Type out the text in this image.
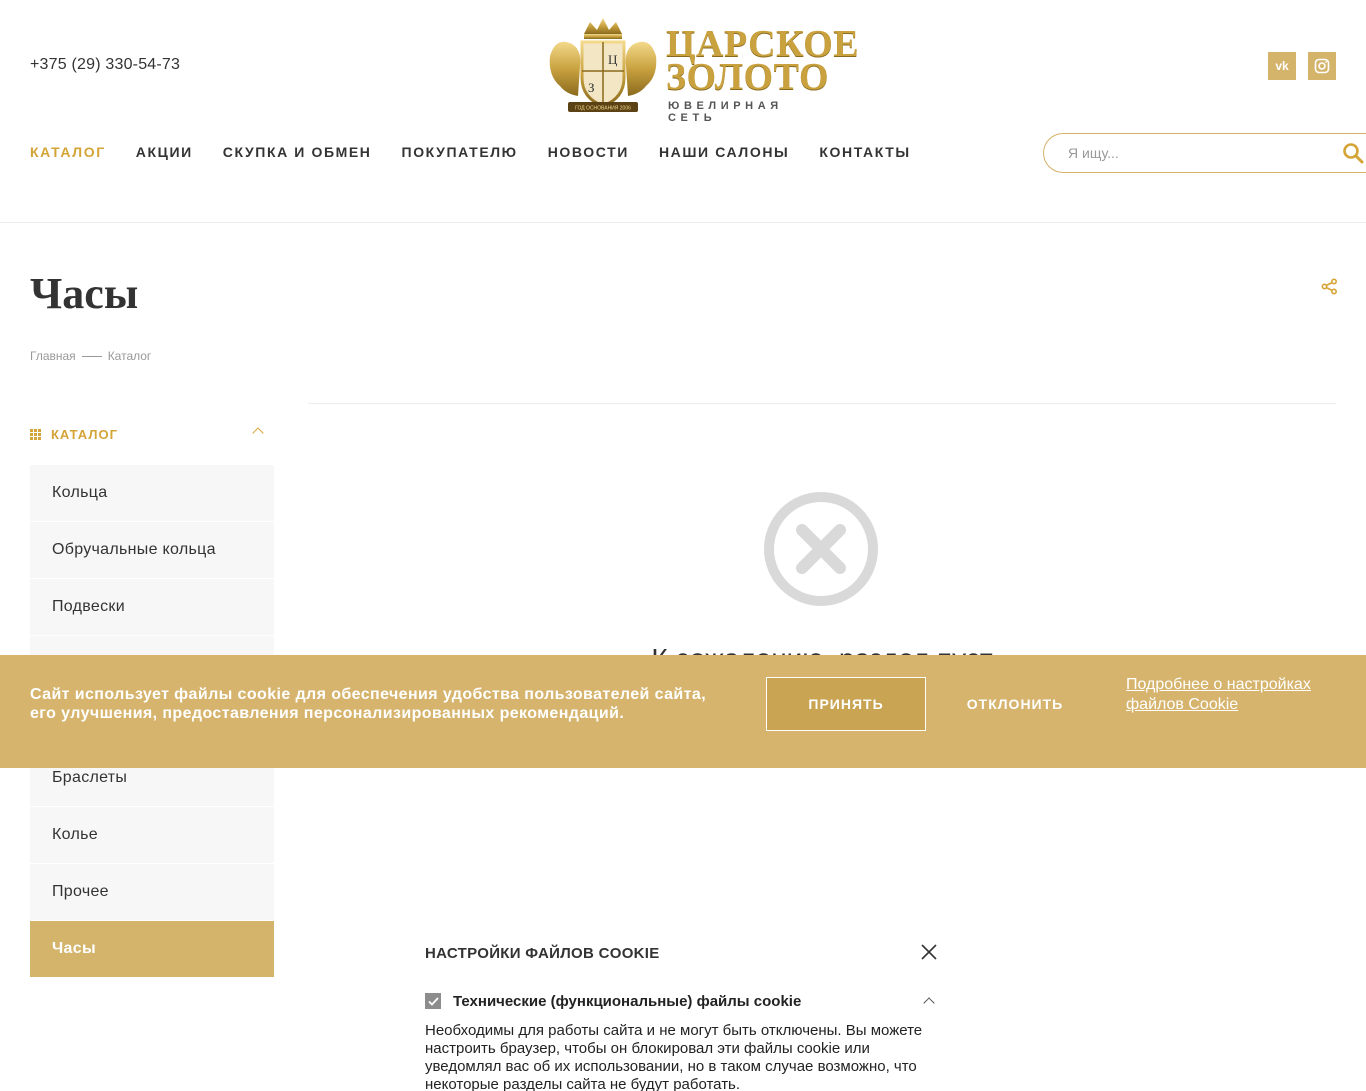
+375 (29) 330-54-73
ГОД ОСНОВАНИЯ 2006
Ц
З
ЦАРСКОЕ
ЗОЛОТО
ЮВЕЛИРНАЯ СЕТЬ
vk
КАТАЛОГ АКЦИИ СКУПКА И ОБМЕН ПОКУПАТЕЛЮ НОВОСТИ НАШИ САЛОНЫ КОНТАКТЫ
Я ищу...
Часы
Главная	Каталог
КАТАЛОГ
Кольца
Обручальные кольца
Подвески
Браслеты
Колье
Прочее
Часы
Сайт использует файлы cookie для обеспечения удобства пользователей сайта, его улучшения, предоставления персонализированных рекомендаций.
ПРИНЯТЬ	ОТКЛОНИТЬ
Подробнее о настройках файлов Cookie
НАСТРОЙКИ ФАЙЛОВ COOKIE
Технические (функциональные) файлы cookie

Необходимы для работы сайта и не могут быть отключены. Вы можете настроить браузер, чтобы он блокировал эти файлы cookie или уведомлял вас об их использовании, но в таком случае возможно, что некоторые разделы сайта не будут работать.
